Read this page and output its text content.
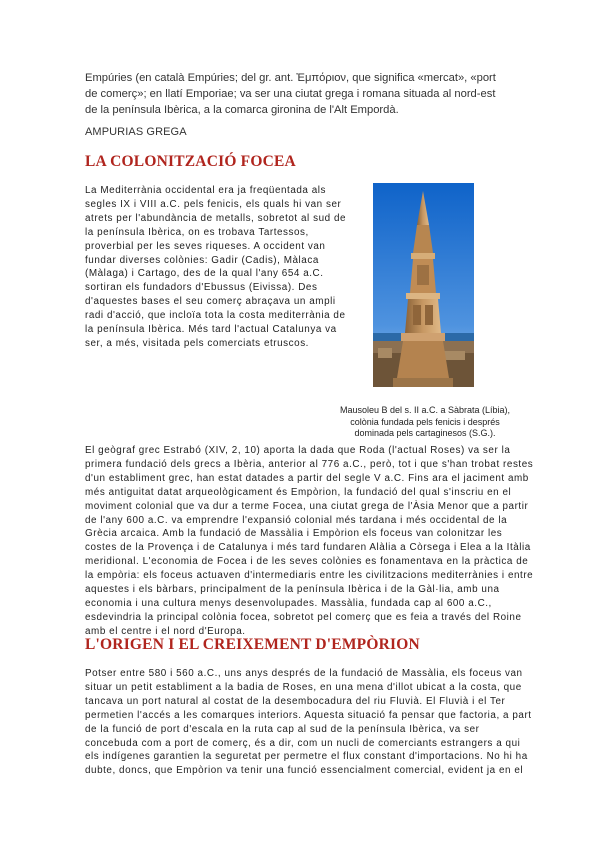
Empúries (en català Empúries; del gr. ant. Ἐμπόριον, que significa «mercat», «port
de comerç»; en llatí Emporiae; va ser una ciutat grega i romana situada al nord-est
de la península Ibèrica, a la comarca gironina de l'Alt Empordà.
AMPURIAS GREGA
LA COLONITZACIÓ FOCEA
La Mediterrània occidental era ja freqüentada als
segles IX i VIII a.C. pels fenicis, els quals hi van ser
atrets per l'abundància de metalls, sobretot al sud de
la península Ibèrica, on es trobava Tartessos,
proverbial per les seves riqueses. A occident van
fundar diverses colònies: Gadir (Cadis), Màlaca
(Màlaga) i Cartago, des de la qual l'any 654 a.C.
sortiran els fundadors d'Ebussus (Eivissa). Des
d'aquestes bases el seu comerç abraçava un ampli
radi d'acció, que incloïa tota la costa mediterrània de
la península Ibèrica. Més tard l'actual Catalunya va
ser, a més, visitada pels comerciats etruscos.
Mausoleu B del s. II a.C. a Sàbrata (Líbia),
colònia fundada pels fenicis i després
dominada pels cartaginesos (S.G.).
El geògraf grec Estrabó (XIV, 2, 10) aporta la dada que Roda (l'actual Roses) va ser la
primera fundació dels grecs a Ibèria, anterior al 776 a.C., però, tot i que s'han trobat restes
d'un establiment grec, han estat datades a partir del segle V a.C. Fins ara el jaciment amb
més antiguitat datat arqueològicament és Empòrion, la fundació del qual s'inscriu en el
moviment colonial que va dur a terme Focea, una ciutat grega de l'Àsia Menor que a partir
de l'any 600 a.C. va emprendre l'expansió colonial més tardana i més occidental de la
Grècia arcaica. Amb la fundació de Massàlia i Empòrion els foceus van colonitzar les
costes de la Provença i de Catalunya i més tard fundaren Alàlia a Còrsega i Elea a la Itàlia
meridional. L'economia de Focea i de les seves colònies es fonamentava en la pràctica de
la empòria: els foceus actuaven d'intermediaris entre les civilitzacions mediterrànies i entre
aquestes i els bàrbars, principalment de la península Ibèrica i de la Gàl·lia, amb una
economia i una cultura menys desenvolupades. Massàlia, fundada cap al 600 a.C.,
esdevindria la principal colònia focea, sobretot pel comerç que es feia a través del Roine
amb el centre i el nord d'Europa.
L'ORIGEN I EL CREIXEMENT D'EMPÒRION
Potser entre 580 i 560 a.C., uns anys després de la fundació de Massàlia, els foceus van
situar un petit establiment a la badia de Roses, en una mena d'illot ubicat a la costa, que
tancava un port natural al costat de la desembocadura del riu Fluvià. El Fluvià i el Ter
permetien l'accés a les comarques interiors. Aquesta situació fa pensar que factoria, a part
de la funció de port d'escala en la ruta cap al sud de la península Ibèrica, va ser
concebuda com a port de comerç, és a dir, com un nucli de comerciants estrangers a qui
els indígenes garantien la seguretat per permetre el flux constant d'importacions. No hi ha
dubte, doncs, que Empòrion va tenir una funció essencialment comercial, evident ja en el
